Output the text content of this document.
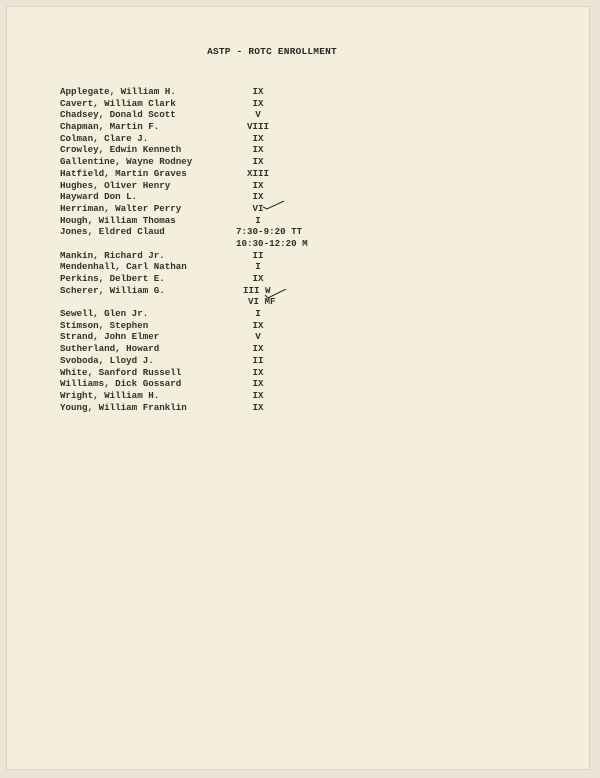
ASTP - ROTC ENROLLMENT
Applegate, William H.	IX
Cavert, William Clark	IX
Chadsey, Donald Scott	V
Chapman, Martin F.	VIII
Colman, Clare J.	IX
Crowley, Edwin Kenneth	IX
Gallentine, Wayne Rodney	IX
Hatfield, Martin Graves	XIII
Hughes, Oliver Henry	IX
Hayward Don L.	IX
Herriman, Walter Perry	VI
Hough, William Thomas	I
Jones, Eldred Claud	7:30-9:20 TT
10:30-12:20 M
Mankin, Richard Jr.	II
Mendenhall, Carl Nathan	I
Perkins, Delbert E.	IX
Scherer, William G.	III W
VI MF
Sewell, Glen Jr.	I
Stimson, Stephen	IX
Strand, John Elmer	V
Sutherland, Howard	IX
Svoboda, Lloyd J.	II
White, Sanford Russell	IX
Williams, Dick Gossard	IX
Wright, William H.	IX
Young, William Franklin	IX
